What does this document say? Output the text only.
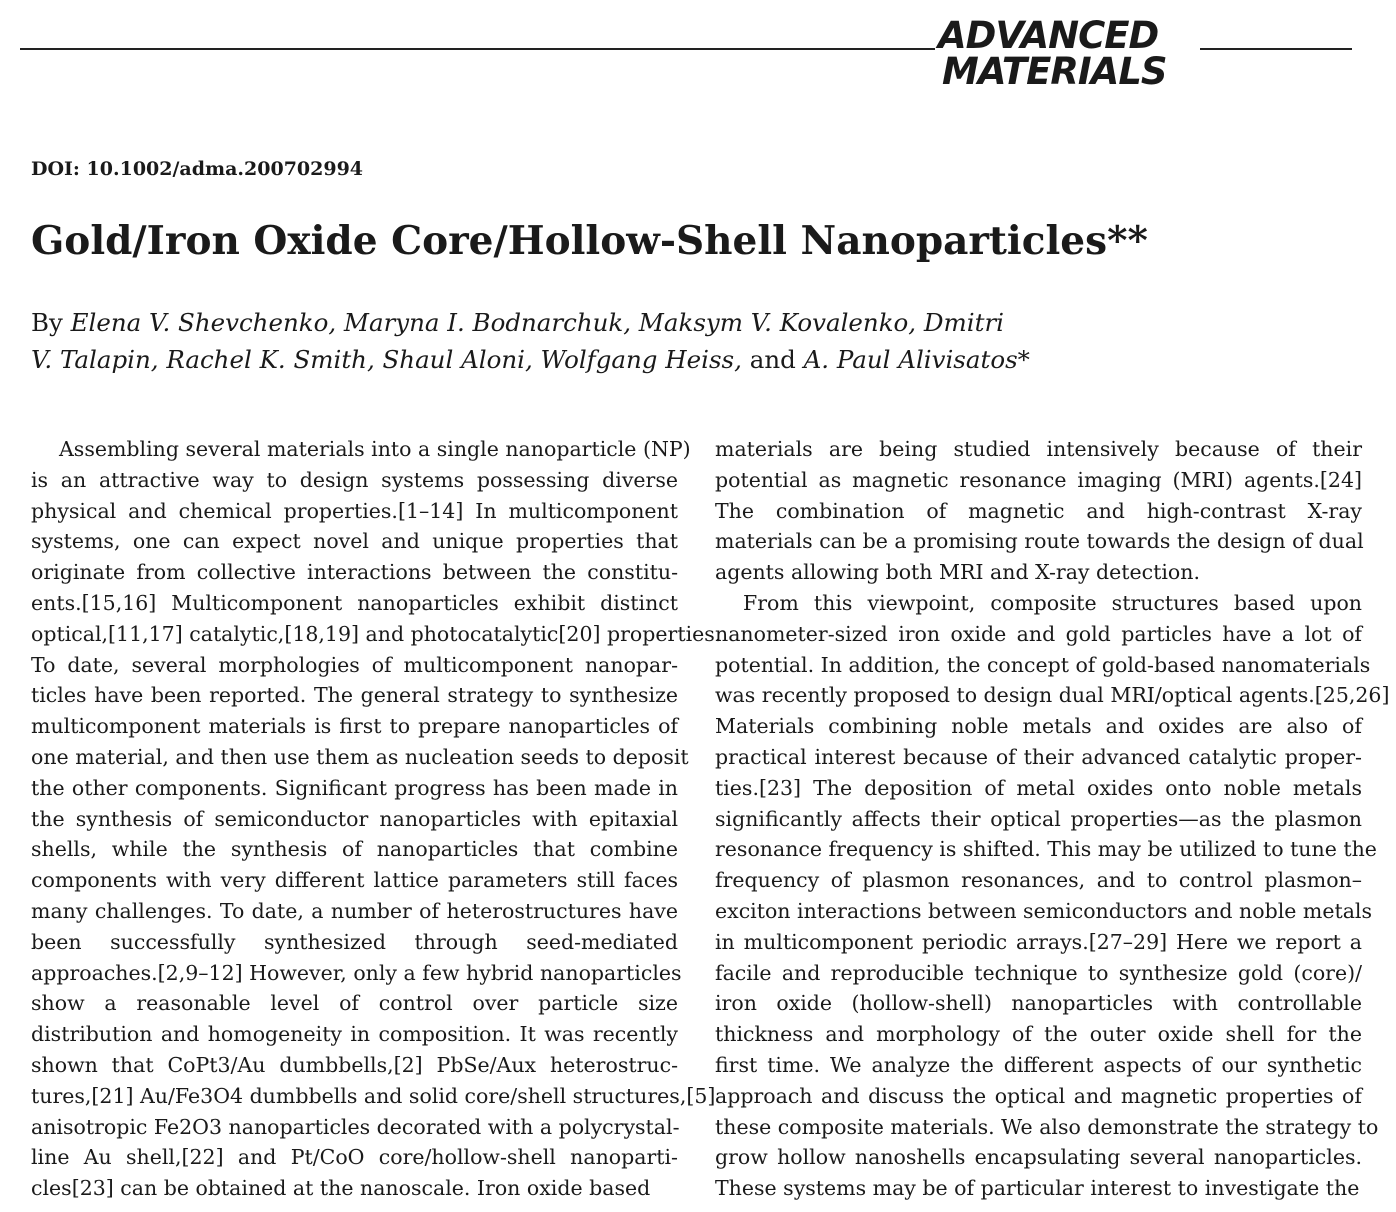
ADVANCED
MATERIALS
DOI: 10.1002/adma.200702994
Gold/Iron Oxide Core/Hollow-Shell Nanoparticles**
By Elena V. Shevchenko, Maryna I. Bodnarchuk, Maksym V. Kovalenko, Dmitri
V. Talapin, Rachel K. Smith, Shaul Aloni, Wolfgang Heiss, and A. Paul Alivisatos*
Assembling several materials into a single nanoparticle (NP)
is an attractive way to design systems possessing diverse
physical and chemical properties.[1–14] In multicomponent
systems, one can expect novel and unique properties that
originate from collective interactions between the constitu-
ents.[15,16] Multicomponent nanoparticles exhibit distinct
optical,[11,17] catalytic,[18,19] and photocatalytic[20] properties.
To date, several morphologies of multicomponent nanopar-
ticles have been reported. The general strategy to synthesize
multicomponent materials is first to prepare nanoparticles of
one material, and then use them as nucleation seeds to deposit
the other components. Significant progress has been made in
the synthesis of semiconductor nanoparticles with epitaxial
shells, while the synthesis of nanoparticles that combine
components with very different lattice parameters still faces
many challenges. To date, a number of heterostructures have
been successfully synthesized through seed-mediated
approaches.[2,9–12] However, only a few hybrid nanoparticles
show a reasonable level of control over particle size
distribution and homogeneity in composition. It was recently
shown that CoPt3/Au dumbbells,[2] PbSe/Aux heterostruc-
tures,[21] Au/Fe3O4 dumbbells and solid core/shell structures,[5]
anisotropic Fe2O3 nanoparticles decorated with a polycrystal-
line Au shell,[22] and Pt/CoO core/hollow-shell nanoparti-
cles[23] can be obtained at the nanoscale. Iron oxide based
materials are being studied intensively because of their
potential as magnetic resonance imaging (MRI) agents.[24]
The combination of magnetic and high-contrast X-ray
materials can be a promising route towards the design of dual
agents allowing both MRI and X-ray detection.
From this viewpoint, composite structures based upon
nanometer-sized iron oxide and gold particles have a lot of
potential. In addition, the concept of gold-based nanomaterials
was recently proposed to design dual MRI/optical agents.[25,26]
Materials combining noble metals and oxides are also of
practical interest because of their advanced catalytic proper-
ties.[23] The deposition of metal oxides onto noble metals
significantly affects their optical properties—as the plasmon
resonance frequency is shifted. This may be utilized to tune the
frequency of plasmon resonances, and to control plasmon–
exciton interactions between semiconductors and noble metals
in multicomponent periodic arrays.[27–29] Here we report a
facile and reproducible technique to synthesize gold (core)/
iron oxide (hollow-shell) nanoparticles with controllable
thickness and morphology of the outer oxide shell for the
first time. We analyze the different aspects of our synthetic
approach and discuss the optical and magnetic properties of
these composite materials. We also demonstrate the strategy to
grow hollow nanoshells encapsulating several nanoparticles.
These systems may be of particular interest to investigate the
